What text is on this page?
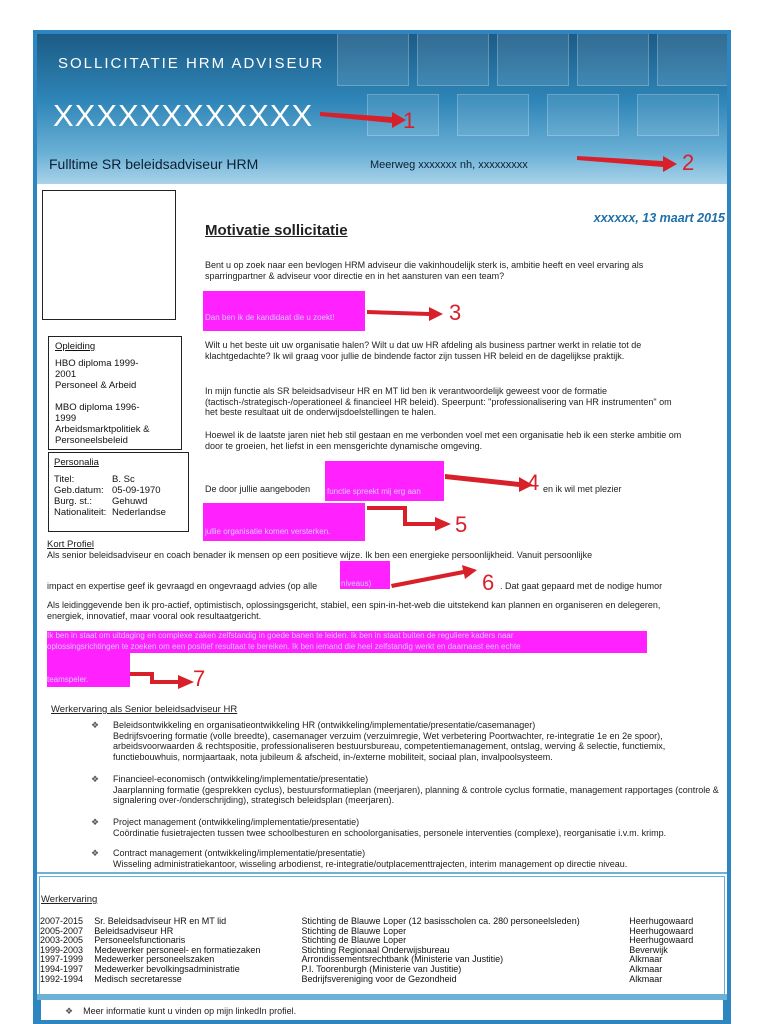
SOLLICITATIE HRM ADVISEUR
XXXXXXXXXXXX
Fulltime SR beleidsadviseur HRM	Meerweg xxxxxxx nh, xxxxxxxxx
1
2
Opleiding
HBO diploma 1999-
2001
Personeel & Arbeid
MBO diploma 1996-
1999
Arbeidsmarktpolitiek &
Personeelsbeleid
Personalia
Titel:	B. Sc
Geb.datum: 05-09-1970
Burg. st.: Gehuwd
Nationaliteit: Nederlandse
xxxxxx, 13 maart 2015
Motivatie sollicitatie
Bent u op zoek naar een bevlogen HRM adviseur die vakinhoudelijk sterk is, ambitie heeft en veel ervaring als sparringpartner & adviseur voor directie en in het aansturen van een team?
Dan ben ik de kandidaat die u zoekt!	3
Wilt u het beste uit uw organisatie halen? Wilt u dat uw HR afdeling als business partner werkt in relatie tot de klachtgedachte? Ik wil graag voor jullie de bindende factor zijn tussen HR beleid en de dagelijkse praktijk.
In mijn functie als SR beleidsadviseur HR en MT lid ben ik verantwoordelijk geweest voor de formatie (tactisch-/strategisch-/operationeel & financieel HR beleid). Speerpunt: "professionalisering van HR instrumenten" om het beste resultaat uit de onderwijsdoelstellingen te halen.
Hoewel ik de laatste jaren niet heb stil gestaan en me verbonden voel met een organisatie heb ik een sterke ambitie om door te groeien, het liefst in een mensgerichte dynamische omgeving.
De door jullie aangeboden functie spreekt mij erg aan	4 en ik wil met plezier
jullie organisatie komen versterken.	5
Kort Profiel
Als senior beleidsadviseur en coach benader ik mensen op een positieve wijze. Ik ben een energieke persoonlijkheid. Vanuit persoonlijke
impact en expertise geef ik gevraagd en ongevraagd advies (op alle	niveaus)	6 . Dat gaat gepaard met de nodige humor
Als leidinggevende ben ik pro-actief, optimistisch, oplossingsgericht, stabiel, een spin-in-het-web die uitstekend kan plannen en organiseren en delegeren, energiek, innovatief, maar vooral ook resultaatgericht.
Ik ben in staat om uitdaging en complexe zaken zelfstandig in goede banen te leiden. Ik ben in staat buiten de reguliere kaders naar
oplossingsrichtingen te zoeken om een positief resultaat te bereiken. Ik ben iemand die heel zelfstandig werkt en daarnaast een echte
teamspeler.	7
Werkervaring als Senior beleidsadviseur HR
❖ Beleidsontwikkeling en organisatieontwikkeling HR (ontwikkeling/implementatie/presentatie/casemanager)
Bedrijfsvoering formatie (volle breedte), casemanager verzuim (verzuimregie, Wet verbetering Poortwachter, re-integratie 1e en 2e spoor), arbeidsvoorwaarden & rechtspositie, professionaliseren bestuursbureau, competentiemanagement, ontslag, werving & selectie, functiemix, functiebouwhuis, normjaartaak, nota jubileum & afscheid, in-/externe mobiliteit, sociaal plan, invalpoolsysteem.
❖ Financieel-economisch (ontwikkeling/implementatie/presentatie)
Jaarplanning formatie (gesprekken cyclus), bestuursformatieplan (meerjaren), planning & controle cyclus formatie, management rapportages (controle & signalering over-/onderschrijding), strategisch beleidsplan (meerjaren).
❖ Project management (ontwikkeling/implementatie/presentatie)
Coördinatie fusietrajecten tussen twee schoolbesturen en schoolorganisaties, personele interventies (complexe), reorganisatie i.v.m. krimp.
❖ Contract management (ontwikkeling/implementatie/presentatie)
Wisseling administratiekantoor, wisseling arbodienst, re-integratie/outplacementtrajecten, interim management op directie niveau.
Werkervaring
2007-2015	Sr. Beleidsadviseur HR en MT lid	Stichting de Blauwe Loper (12 basisscholen ca. 280 personeelsleden)	Heerhugowaard
2005-2007	Beleidsadviseur HR	Stichting de Blauwe Loper	Heerhugowaard
2003-2005	Personeelsfunctionaris	Stichting de Blauwe Loper	Heerhugowaard
1999-2003	Medewerker personeel- en formatiezaken	Stichting Regionaal Onderwijsbureau	Beverwijk
1997-1999	Medewerker personeelszaken	Arrondissementsrechtbank (Ministerie van Justitie)	Alkmaar
1994-1997	Medewerker bevolkingsadministratie	P.I. Toorenburgh (Ministerie van Justitie)	Alkmaar
1992-1994	Medisch secretaresse	Bedrijfsvereniging voor de Gezondheid	Alkmaar
❖ Meer informatie kunt u vinden op mijn linkedIn profiel.
